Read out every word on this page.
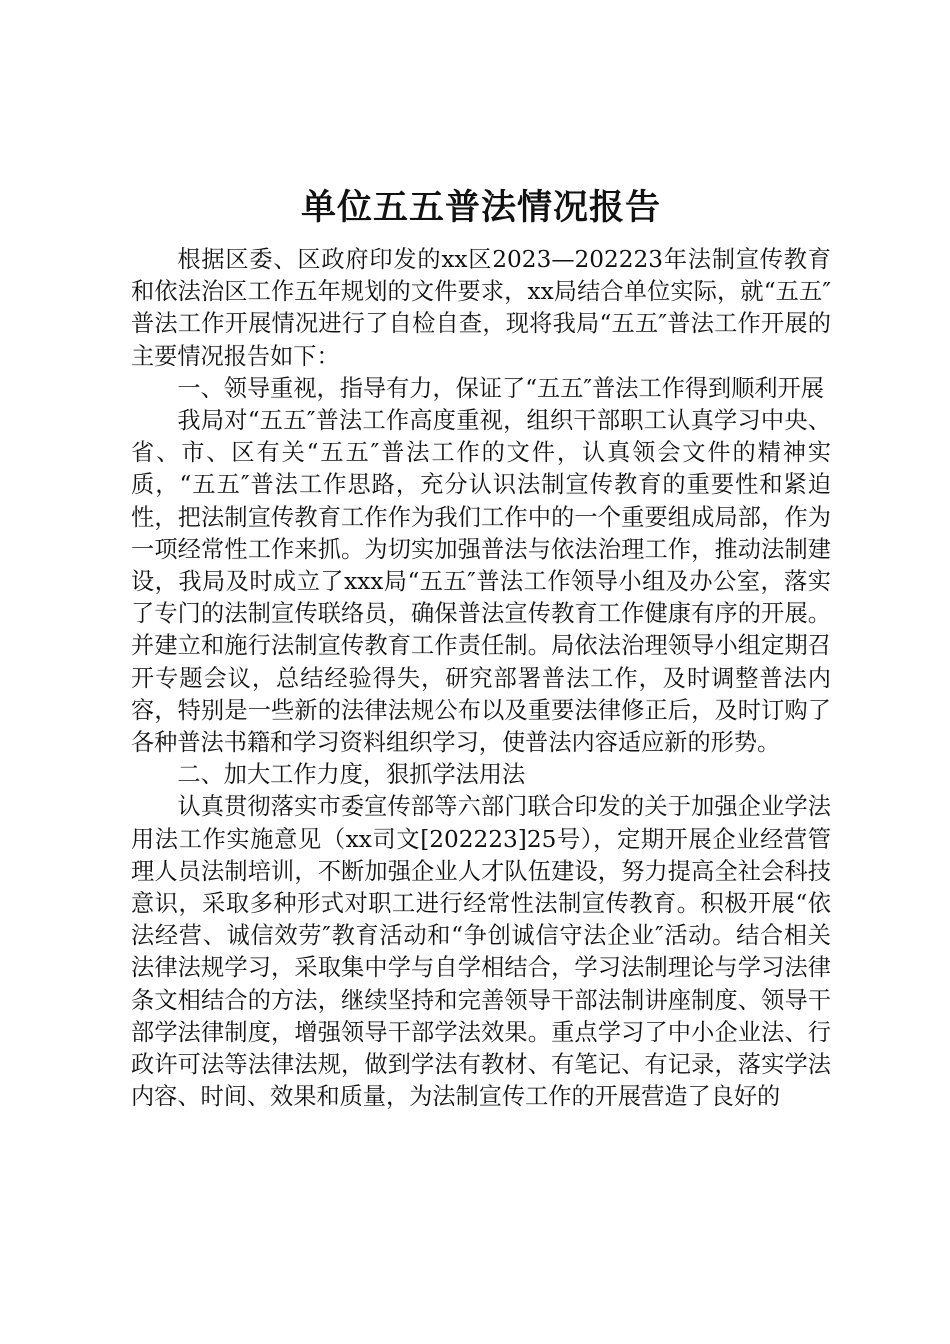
单位五五普法情况报告

根据区委、区政府印发的xx区2023—202223年法制宣传教育和依法治区工作五年规划的文件要求，xx局结合单位实际，就“五五″普法工作开展情况进行了自检自查，现将我局“五五″普法工作开展的主要情况报告如下：

一、领导重视，指导有力，保证了“五五″普法工作得到顺利开展

我局对“五五″普法工作高度重视，组织干部职工认真学习中央、省、市、区有关“五五″普法工作的文件，认真领会文件的精神实质，“五五″普法工作思路，充分认识法制宣传教育的重要性和紧迫性，把法制宣传教育工作作为我们工作中的一个重要组成局部，作为一项经常性工作来抓。为切实加强普法与依法治理工作，推动法制建设，我局及时成立了xxx局“五五″普法工作领导小组及办公室，落实了专门的法制宣传联络员，确保普法宣传教育工作健康有序的开展。并建立和施行法制宣传教育工作责任制。局依法治理领导小组定期召开专题会议，总结经验得失，研究部署普法工作，及时调整普法内容，特别是一些新的法律法规公布以及重要法律修正后，及时订购了各种普法书籍和学习资料组织学习，使普法内容适应新的形势。

二、加大工作力度，狠抓学法用法

认真贯彻落实市委宣传部等六部门联合印发的关于加强企业学法用法工作实施意见（xx司文[202223]25号），定期开展企业经营管理人员法制培训，不断加强企业人才队伍建设，努力提高全社会科技意识，采取多种形式对职工进行经常性法制宣传教育。积极开展“依法经营、诚信效劳″教育活动和“争创诚信守法企业″活动。结合相关法律法规学习，采取集中学与自学相结合，学习法制理论与学习法律条文相结合的方法，继续坚持和完善领导干部法制讲座制度、领导干部学法律制度，增强领导干部学法效果。重点学习了中小企业法、行政许可法等法律法规，做到学法有教材、有笔记、有记录，落实学法内容、时间、效果和质量，为法制宣传工作的开展营造了良好的
